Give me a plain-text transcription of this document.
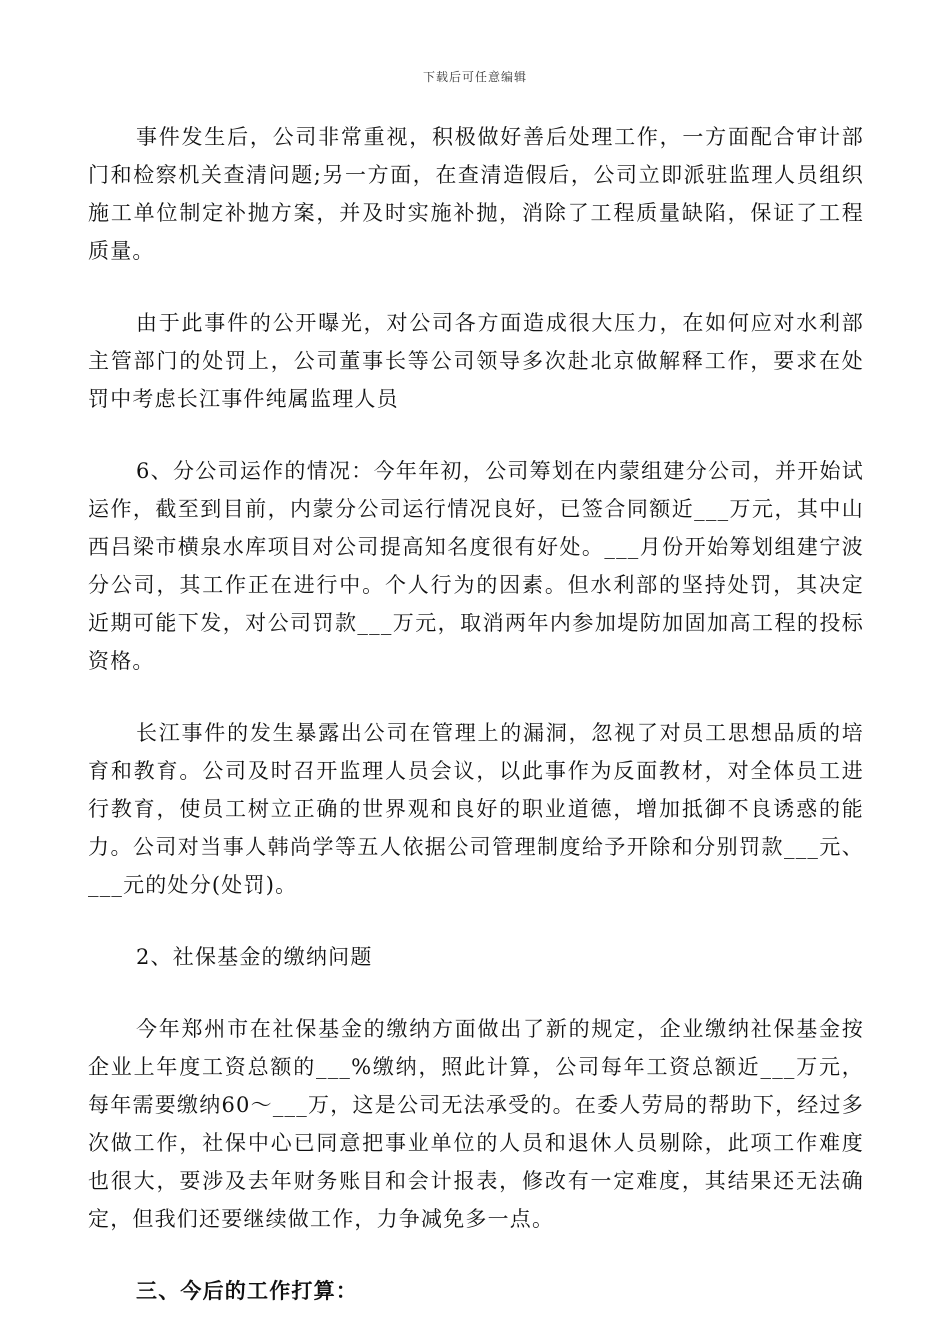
下载后可任意编辑

事件发生后，公司非常重视，积极做好善后处理工作，一方面配合审计部门和检察机关查清问题;另一方面，在查清造假后，公司立即派驻监理人员组织施工单位制定补抛方案，并及时实施补抛，消除了工程质量缺陷，保证了工程质量。

由于此事件的公开曝光，对公司各方面造成很大压力，在如何应对水利部主管部门的处罚上，公司董事长等公司领导多次赴北京做解释工作，要求在处罚中考虑长江事件纯属监理人员

6、分公司运作的情况：今年年初，公司筹划在内蒙组建分公司，并开始试运作，截至到目前，内蒙分公司运行情况良好，已签合同额近___万元，其中山西吕梁市横泉水库项目对公司提高知名度很有好处。___月份开始筹划组建宁波分公司，其工作正在进行中。个人行为的因素。但水利部的坚持处罚，其决定近期可能下发，对公司罚款___万元，取消两年内参加堤防加固加高工程的投标资格。

长江事件的发生暴露出公司在管理上的漏洞，忽视了对员工思想品质的培育和教育。公司及时召开监理人员会议，以此事作为反面教材，对全体员工进行教育，使员工树立正确的世界观和良好的职业道德，增加抵御不良诱惑的能力。公司对当事人韩尚学等五人依据公司管理制度给予开除和分别罚款___元、___元的处分(处罚)。

2、社保基金的缴纳问题

今年郑州市在社保基金的缴纳方面做出了新的规定，企业缴纳社保基金按企业上年度工资总额的___%缴纳，照此计算，公司每年工资总额近___万元，每年需要缴纳60～___万，这是公司无法承受的。在委人劳局的帮助下，经过多次做工作，社保中心已同意把事业单位的人员和退休人员剔除，此项工作难度也很大，要涉及去年财务账目和会计报表，修改有一定难度，其结果还无法确定，但我们还要继续做工作，力争减免多一点。

三、今后的工作打算：
